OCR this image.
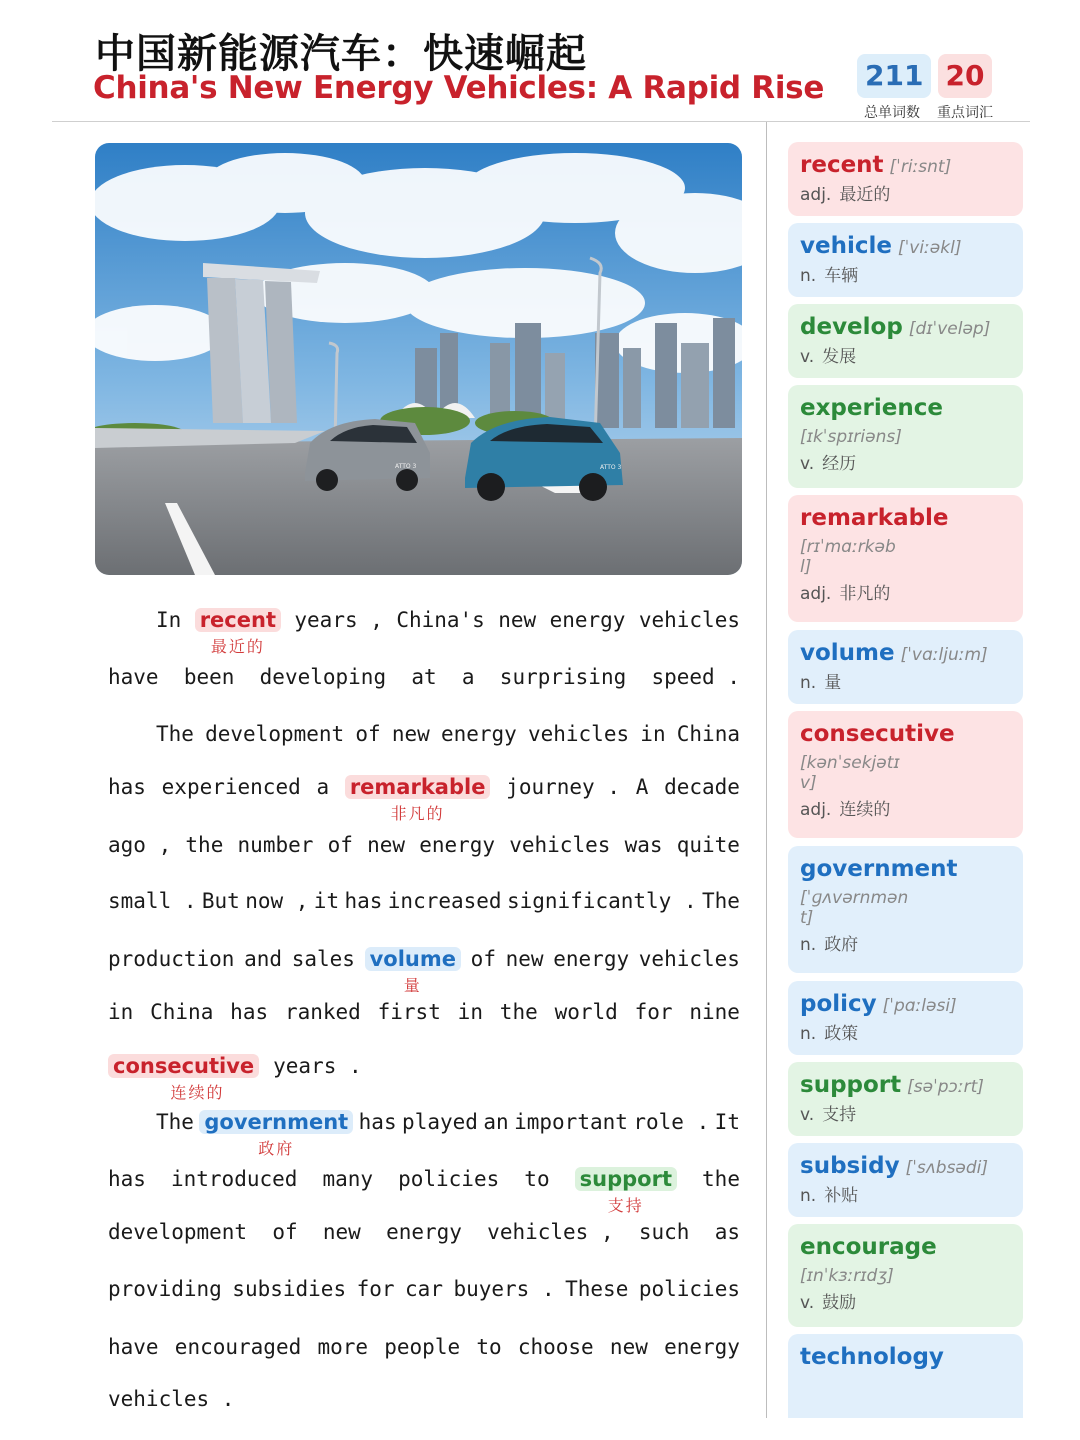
中国新能源汽车：快速崛起
China's New Energy Vehicles: A Rapid Rise 211
总单词数
20
重点词汇
ATTO 3	ATTO 3
In recent
最近的
years , China's new energy vehicles
have been developing at a surprising speed .
The development of new energy vehicles in China
has experienced a remarkable
非凡的
journey . A decade
ago , the number of new energy vehicles was quite
small . But now , it has increased significantly . The
production and sales volume
量
of new energy vehicles
in China has ranked first in the world for nine
consecutive
连续的
years .
The government
政府
has played an important role . It
has introduced many policies to support
支持
the
development of new energy vehicles , such as
providing subsidies for car buyers . These policies
have encouraged more people to choose new energy
vehicles .
recent [ˈriːsnt]
adj. 最近的
vehicle [ˈviːəkl]
n. 车辆
develop [dɪˈveləp]
v. 发展
experience
[ɪkˈspɪriəns]
v. 经历
remarkable
[rɪˈmɑːrkəb
l]
adj. 非凡的
volume [ˈvɑːljuːm]
n. 量
consecutive
[kənˈsekjətɪ
v]
adj. 连续的
government
[ˈɡʌvərnmən
t]
n. 政府
policy [ˈpɑːləsi]
n. 政策
support [səˈpɔːrt]
v. 支持
subsidy [ˈsʌbsədi]
n. 补贴
encourage
[ɪnˈkɜːrɪdʒ]
v. 鼓励
technology
